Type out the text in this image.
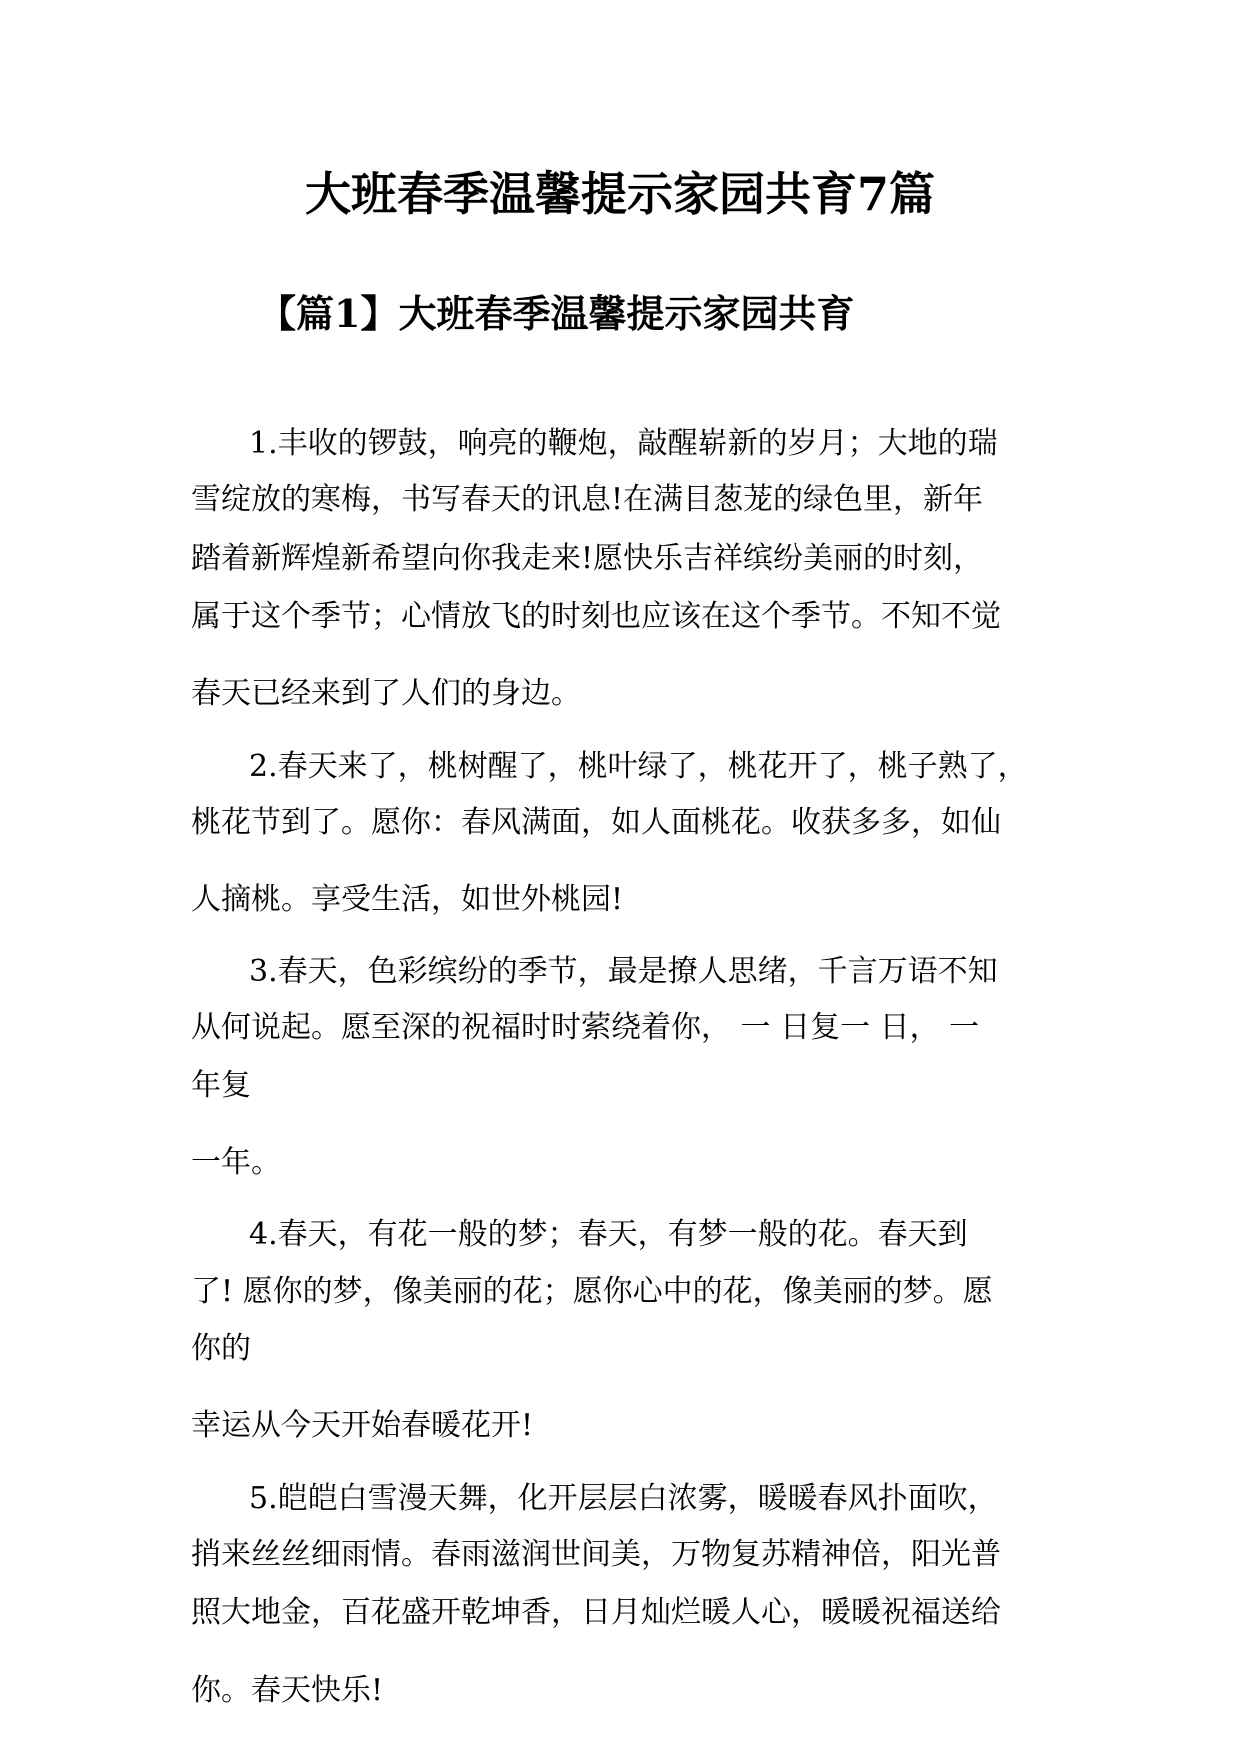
大班春季温馨提示家园共育7篇
【篇1】大班春季温馨提示家园共育

1.丰收的锣鼓，响亮的鞭炮，敲醒崭新的岁月；大地的瑞

雪绽放的寒梅，书写春天的讯息!在满目葱茏的绿色里，新年

踏着新辉煌新希望向你我走来!愿快乐吉祥缤纷美丽的时刻，

属于这个季节；心情放飞的时刻也应该在这个季节。不知不觉

春天已经来到了人们的身边。

2.春天来了，桃树醒了，桃叶绿了，桃花开了，桃子熟了，

桃花节到了。愿你：春风满面，如人面桃花。收获多多，如仙

人摘桃。享受生活，如世外桃园!

3.春天，色彩缤纷的季节，最是撩人思绪，千言万语不知

从何说起。愿至深的祝福时时萦绕着你， 一 日复一 日， 一

年复

一年。

4.春天，有花一般的梦；春天，有梦一般的花。春天到

了! 愿你的梦，像美丽的花；愿你心中的花，像美丽的梦。愿

你的

幸运从今天开始春暖花开!

5.皑皑白雪漫天舞，化开层层白浓雾，暖暖春风扑面吹，

捎来丝丝细雨情。春雨滋润世间美，万物复苏精神倍，阳光普

照大地金，百花盛开乾坤香，日月灿烂暖人心，暖暖祝福送给

你。春天快乐!
